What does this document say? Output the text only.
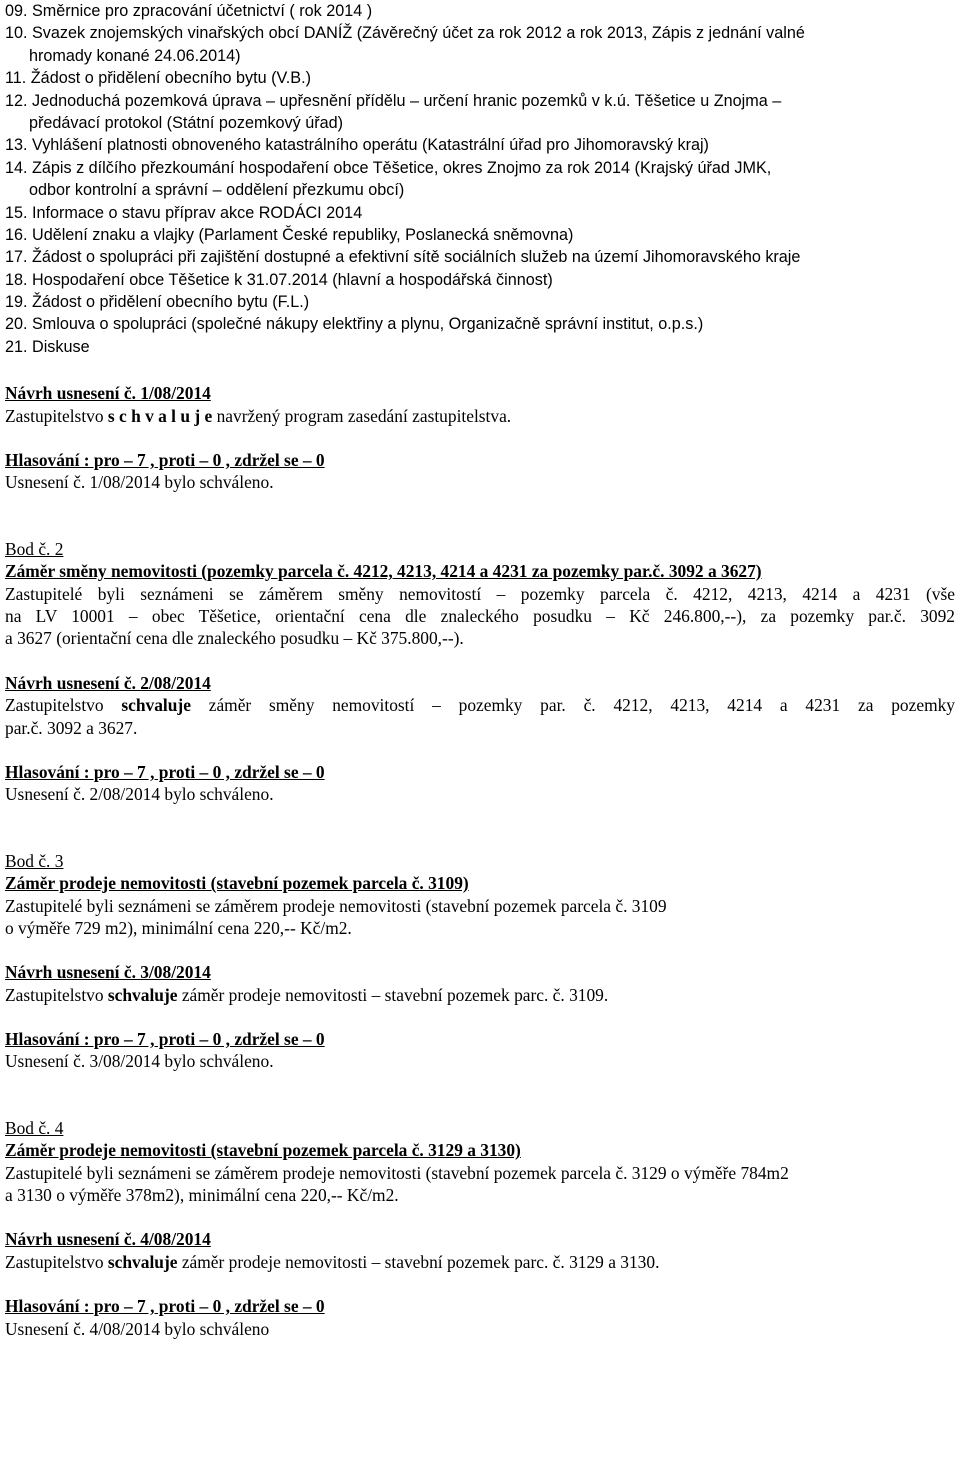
09. Směrnice pro zpracování účetnictví ( rok 2014 )
10. Svazek znojemských vinařských obcí DANÍŽ (Závěrečný účet za rok 2012 a rok 2013, Zápis z jednání valné
hromady konané 24.06.2014)
11. Žádost o přidělení obecního bytu (V.B.)
12. Jednoduchá pozemková úprava – upřesnění přídělu – určení hranic pozemků v k.ú. Těšetice u Znojma –
předávací protokol (Státní pozemkový úřad)
13. Vyhlášení platnosti obnoveného katastrálního operátu (Katastrální úřad pro Jihomoravský kraj)
14. Zápis z dílčího přezkoumání hospodaření obce Těšetice, okres Znojmo za rok 2014 (Krajský úřad JMK,
odbor kontrolní a správní – oddělení přezkumu obcí)
15. Informace o stavu příprav akce RODÁCI 2014
16. Udělení znaku a vlajky (Parlament České republiky, Poslanecká sněmovna)
17. Žádost o spolupráci při zajištění dostupné a efektivní sítě sociálních služeb na území Jihomoravského kraje
18. Hospodaření obce Těšetice k 31.07.2014 (hlavní a hospodářská činnost)
19. Žádost o přidělení obecního bytu (F.L.)
20. Smlouva o spolupráci (společné nákupy elektřiny a plynu, Organizačně správní institut, o.p.s.)
21. Diskuse
Návrh usnesení č. 1/08/2014
Zastupitelstvo s c h v a l u j e navržený program zasedání zastupitelstva.
Hlasování : pro – 7 , proti – 0 , zdržel se – 0
Usnesení č. 1/08/2014 bylo schváleno.
Bod č. 2
Záměr směny nemovitosti (pozemky parcela č. 4212, 4213, 4214 a 4231 za pozemky par.č. 3092 a 3627)
Zastupitelé byli seznámeni se záměrem směny nemovitostí – pozemky parcela č. 4212, 4213, 4214 a 4231 (vše
na LV 10001 – obec Těšetice, orientační cena dle znaleckého posudku – Kč 246.800,--), za pozemky par.č. 3092
a 3627 (orientační cena dle znaleckého posudku – Kč 375.800,--).
Návrh usnesení č. 2/08/2014
Zastupitelstvo schvaluje záměr směny nemovitostí – pozemky par. č. 4212, 4213, 4214 a 4231 za pozemky
par.č. 3092 a 3627.
Hlasování : pro – 7 , proti – 0 , zdržel se – 0
Usnesení č. 2/08/2014 bylo schváleno.
Bod č. 3
Záměr prodeje nemovitosti (stavební pozemek parcela č. 3109)
Zastupitelé byli seznámeni se záměrem prodeje nemovitosti (stavební pozemek parcela č. 3109
o výměře 729 m2), minimální cena 220,-- Kč/m2.
Návrh usnesení č. 3/08/2014
Zastupitelstvo schvaluje záměr prodeje nemovitosti – stavební pozemek parc. č. 3109.
Hlasování : pro – 7 , proti – 0 , zdržel se – 0
Usnesení č. 3/08/2014 bylo schváleno.
Bod č. 4
Záměr prodeje nemovitosti (stavební pozemek parcela č. 3129 a 3130)
Zastupitelé byli seznámeni se záměrem prodeje nemovitosti (stavební pozemek parcela č. 3129 o výměře 784m2
a 3130 o výměře 378m2), minimální cena 220,-- Kč/m2.
Návrh usnesení č. 4/08/2014
Zastupitelstvo schvaluje záměr prodeje nemovitosti – stavební pozemek parc. č. 3129 a 3130.
Hlasování : pro – 7 , proti – 0 , zdržel se – 0
Usnesení č. 4/08/2014 bylo schváleno
